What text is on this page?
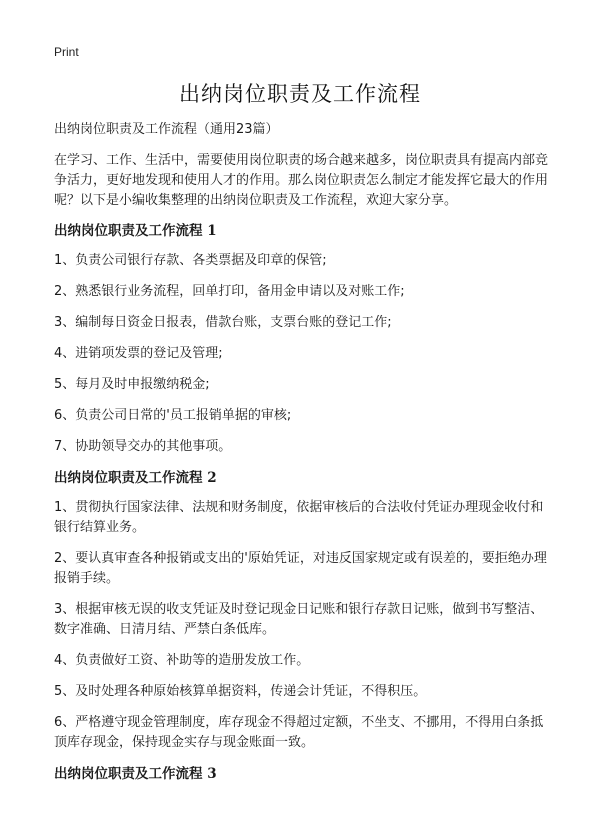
Print
出纳岗位职责及工作流程

出纳岗位职责及工作流程（通用23篇）

在学习、工作、生活中，需要使用岗位职责的场合越来越多，岗位职责具有提高内部竞争活力，更好地发现和使用人才的作用。那么岗位职责怎么制定才能发挥它最大的作用呢？以下是小编收集整理的出纳岗位职责及工作流程，欢迎大家分享。

出纳岗位职责及工作流程 1

1、负责公司银行存款、各类票据及印章的保管;

2、熟悉银行业务流程，回单打印，备用金申请以及对账工作;

3、编制每日资金日报表，借款台账，支票台账的登记工作;

4、进销项发票的登记及管理;

5、每月及时申报缴纳税金;

6、负责公司日常的'员工报销单据的审核;

7、协助领导交办的其他事项。

出纳岗位职责及工作流程 2

1、贯彻执行国家法律、法规和财务制度，依据审核后的合法收付凭证办理现金收付和银行结算业务。

2、要认真审查各种报销或支出的'原始凭证，对违反国家规定或有误差的，要拒绝办理报销手续。

3、根据审核无误的收支凭证及时登记现金日记账和银行存款日记账，做到书写整洁、数字准确、日清月结、严禁白条低库。

4、负责做好工资、补助等的造册发放工作。

5、及时处理各种原始核算单据资料，传递会计凭证，不得积压。

6、严格遵守现金管理制度，库存现金不得超过定额，不坐支、不挪用，不得用白条抵顶库存现金，保持现金实存与现金账面一致。

出纳岗位职责及工作流程 3
